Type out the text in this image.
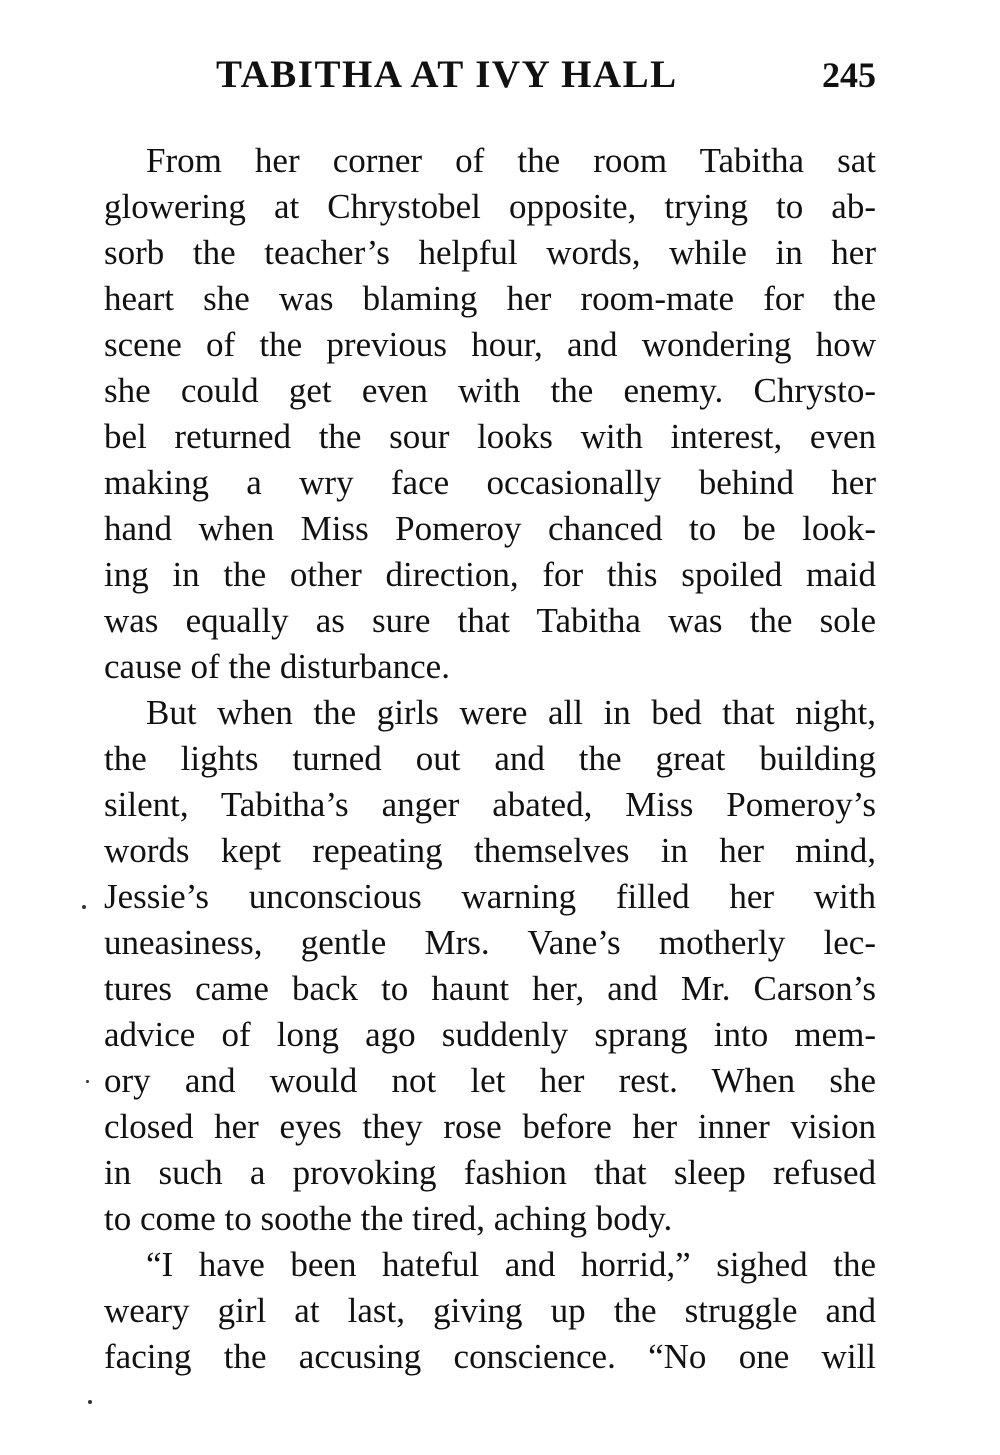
TABITHA AT IVY HALL	245
From her corner of the room Tabitha sat
glowering at Chrystobel opposite, trying to ab-
sorb the teacher’s helpful words, while in her
heart she was blaming her room-mate for the
scene of the previous hour, and wondering how
she could get even with the enemy. Chrysto-
bel returned the sour looks with interest, even
making a wry face occasionally behind her
hand when Miss Pomeroy chanced to be look-
ing in the other direction, for this spoiled maid
was equally as sure that Tabitha was the sole
cause of the disturbance.
But when the girls were all in bed that night,
the lights turned out and the great building
silent, Tabitha’s anger abated, Miss Pomeroy’s
words kept repeating themselves in her mind,
Jessie’s unconscious warning filled her with
uneasiness, gentle Mrs. Vane’s motherly lec-
tures came back to haunt her, and Mr. Carson’s
advice of long ago suddenly sprang into mem-
ory and would not let her rest. When she
closed her eyes they rose before her inner vision
in such a provoking fashion that sleep refused
to come to soothe the tired, aching body.
“I have been hateful and horrid,” sighed the
weary girl at last, giving up the struggle and
facing the accusing conscience. “No one will
